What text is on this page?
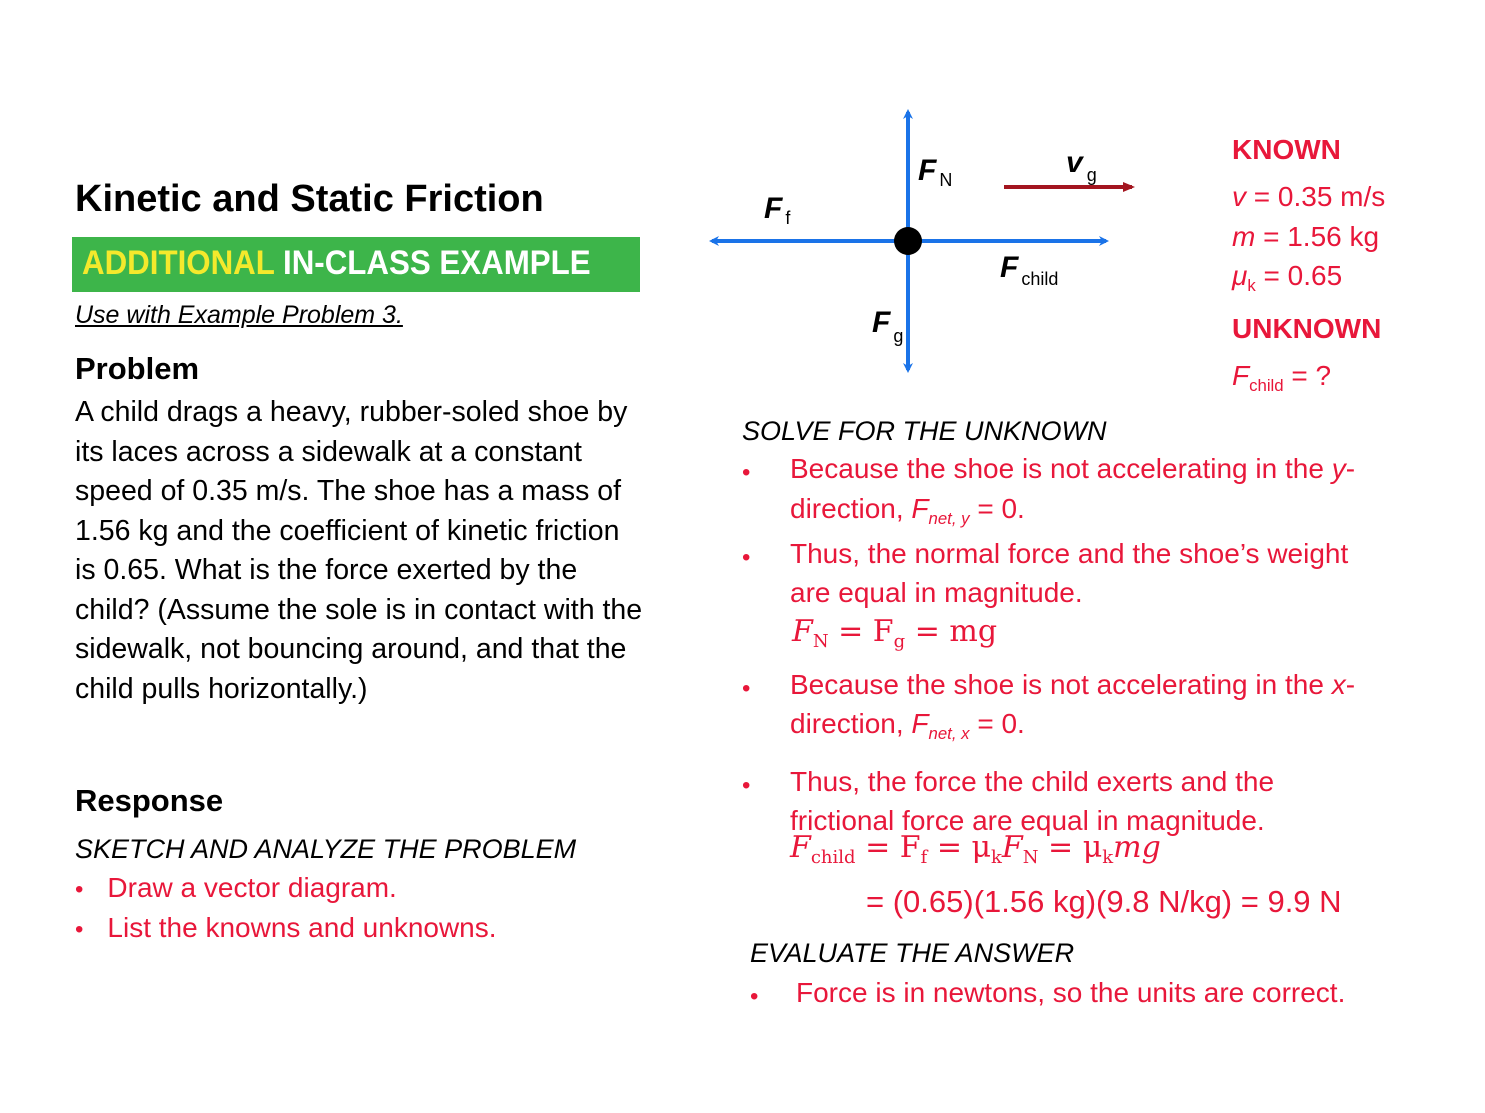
Kinetic and Static Friction
ADDITIONAL IN-CLASS EXAMPLE
Use with Example Problem 3.
Problem
A child drags a heavy, rubber-soled shoe by its laces across a sidewalk at a constant speed of 0.35 m/s. The shoe has a mass of 1.56 kg and the coefficient of kinetic friction is 0.65. What is the force exerted by the child? (Assume the sole is in contact with the sidewalk, not bouncing around, and that the child pulls horizontally.)
Response
SKETCH AND ANALYZE THE PROBLEM
• Draw a vector diagram.
• List the knowns and unknowns.
F $_N$
F $_f$
F $_g$
F $_{child}$
v $_g$
KNOWN
v = 0.35 m/s
m = 1.56 kg
$\mu_k = 0.65$
UNKNOWN
$F_{child}$ = ?
SOLVE FOR THE UNKNOWN
• Because the shoe is not accelerating in the y-
direction, $F_{net, y} = 0$.
• Thus, the normal force and the shoe’s weight
are equal in magnitude.
$F_N = F_g$ = mg
• Because the shoe is not accelerating in the x-
direction, $F_{net, x} = 0$.
• Thus, the force the child exerts and the
frictional force are equal in magnitude.
$F_{child} = F_f = \mu_kF_N = \mu_kmg$
= (0.65)(1.56 kg)(9.8 N/kg) = 9.9 N
EVALUATE THE ANSWER
• Force is in newtons, so the units are correct.
